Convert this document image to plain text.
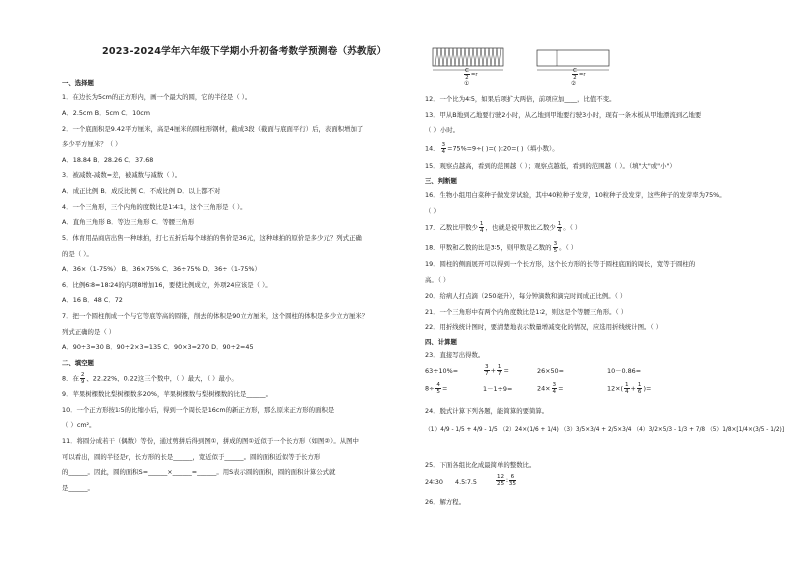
2023-2024学年六年级下学期小升初备考数学预测卷（苏教版）
一、选择题
1．在边长为5cm的正方形内，画一个最大的圆，它的半径是（ ）。
A．2.5cm B．5cm C．10cm
2．一个底面积是9.42平方厘米，高是4厘米的圆柱形钢材，截成3段（截面与底面平行）后，表面积增加了
多少平方厘米？（ ）
A．18.84 B．28.26 C．37.68
3．被减数-减数=差，被减数与减数（ ）。
A．成正比例 B．成反比例 C．不成比例 D．以上都不对
4．一个三角形，三个内角的度数比是1∶4∶1，这个三角形是（ ）。
A．直角三角形 B．等边三角形 C．等腰三角形
5．体育用品商店出售一种球拍，打七五折后每个球拍的售价是36元，这种球拍的原价是多少元？列式正确
的是（ ）。
A．36×（1-75%） B．36×75% C．36÷75% D．36÷（1-75%）
6．比例6∶8=18∶24的内项8增加16，要使比例成立，外项24应该是（ ）。
A．16 B．48 C．72
7．把一个圆柱削成一个与它等底等高的圆锥，削去的体积是90立方厘米，这个圆柱的体积是多少立方厘米？
列式正确的是（ ）
A．90÷3=30 B．90÷2×3=135 C．90×3=270 D．90÷2=45
二、填空题
8．在 $\frac{2}{9}$ 、22.22%、0.22这三个数中，（ ）最大，（ ）最小。
9．苹果树棵数比梨树棵数多20%，苹果树棵数与梨树棵数的比是______。
10．一个正方形按1∶5的比缩小后，得到一个周长是16cm的新正方形，那么原来正方形的面积是
（ ）cm²。
11．将圆分成若干（偶数）等份，通过剪拼后得到图①，拼成的图①近似于一个长方形（如图②）。从图中
可以看出，圆的半径是r，长方形的长是______，宽近似于______。圆的面积近似等于长方形
的______。因此，圆的面积S=______×______=______。用S表示圆的面积，圆的面积计算公式就
是______。
$\frac{C}{2} =r$
①
$\frac{C}{2} =r$
②
12．一个比为4∶5，如果后项扩大两倍，前项应加____，比值不变。
13．甲从B地到乙地要行驶2小时，从乙地到甲地要行驶3小时，现有一条木板从甲地漂流到乙地要
（ ）小时。
14． $\frac{3}{4} =75\%=9\div$( )=( ):20=( )（填小数）。
15．观察点越高，看到的范围越（ ）；观察点越低，看到的范围越（ ）。（填"大"或"小"）
三、判断题
16．生物小组用白菜种子做发芽试验，其中40粒种子发芽，10粒种子没发芽，这些种子的发芽率为75%。
（ ）
17．乙数比甲数少 $\frac{1}{4}$ ，也就是说甲数比乙数少 $\frac{1}{4}$ 。（ ）
18．甲数和乙数的比是3∶5，则甲数是乙数的 $\frac{3}{5}$ 。（ ）
19．圆柱的侧面展开可以得到一个长方形，这个长方形的长等于圆柱底面的周长，宽等于圆柱的
高。（ ）
20．给病人打点滴（250毫升），每分钟滴数和滴完时间成正比例。（ ）
21．一个三角形中有两个内角度数比是1∶2，则这是个等腰三角形。（ ）
22．用折线统计图时，要清楚地表示数量增减变化的情况，应选用折线统计图。（ ）
四、计算题
23．直接写出得数。
63÷10%=	$\frac{3}{7} + \frac{1}{7}$ =	26×50=	10－0.86=
$8\div \frac{4}{5}$ =	1－1÷9=	$24\times \frac{3}{4}$ =	$12\times( \frac{1}{4} + \frac{1}{6}$ )=
24．脱式计算下列各题，能简算的要简算。
（1）4/9 - 1/5 + 4/9 - 1/5 （2）24×(1/6 + 1/4) （3）3/5×3/4 + 2/5×3/4 （4）3/2×5/3 - 1/3 + 7/8 （5）1/8×[1/4×(3/5 - 1/2)]
25．下面各组比化成最简单的整数比。
24∶30 4.5∶7.5	$\frac{12}{25}$ ∶ $\frac{6}{35}$
26．解方程。
